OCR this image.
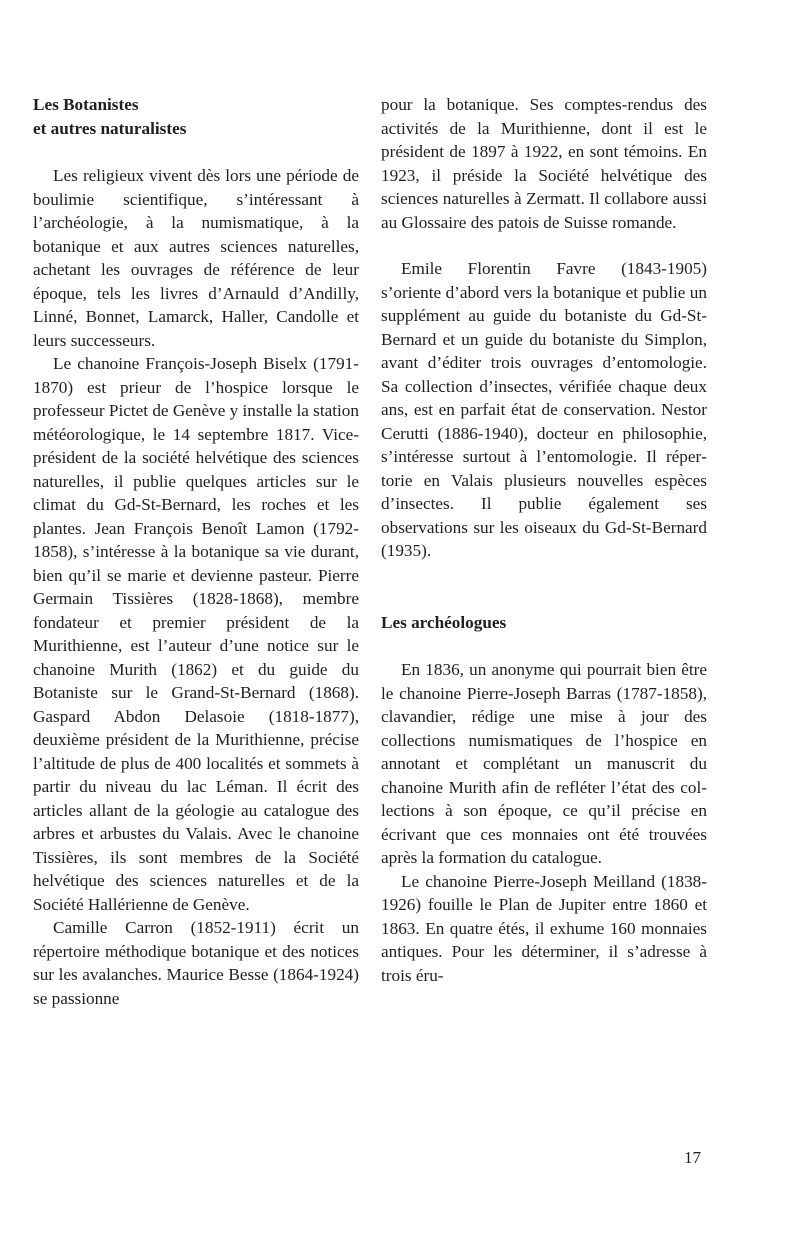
Les Botanistes

et autres naturalistes

Les religieux vivent dès lors une période de boulimie scientifique, s’intéressant à l’archéologie, à la numismatique, à la botanique et aux autres sciences naturelles, achetant les ouvrages de référence de leur époque, tels les livres d’Arnauld d’Andilly, Linné, Bonnet, Lamarck, Haller, Candolle et leurs successeurs.

Le chanoine François-Joseph Biselx (1791-1870) est prieur de l’hospice lorsque le professeur Pictet de Genève y installe la station météorologique, le 14 septembre 1817. Vice-président de la société helvétique des sciences naturelles, il publie quelques articles sur le climat du Gd-St-Bernard, les roches et les plantes. Jean François Benoît Lamon (1792-1858), s’intéresse à la botanique sa vie durant, bien qu’il se marie et devienne pasteur. Pierre Germain Tissières (1828-1868), membre fondateur et premier président de la Murithienne, est l’auteur d’une notice sur le chanoine Murith (1862) et du guide du Botaniste sur le Grand-St-Bernard (1868). Gaspard Abdon Delasoie (1818-1877), deuxième président de la Murithienne, précise l’altitude de plus de 400 localités et sommets à partir du niveau du lac Léman. Il écrit des articles allant de la géologie au catalogue des arbres et arbustes du Valais. Avec le chanoine Tissières, ils sont membres de la Société helvétique des sciences naturelles et de la Société Hallérienne de Genève.

Camille Carron (1852-1911) écrit un répertoire méthodique botanique et des notices sur les avalanches. Maurice Besse (1864-1924) se passionne

pour la botanique. Ses comptes-rendus des activités de la Murithienne, dont il est le président de 1897 à 1922, en sont témoins. En 1923, il préside la Société helvétique des sciences naturelles à Zermatt. Il collabore aussi au Glossaire des patois de Suisse romande.

Emile Florentin Favre (1843-1905) s’oriente d’abord vers la botanique et publie un supplément au guide du botaniste du Gd-St-Bernard et un guide du botaniste du Simplon, avant d’éditer trois ouvrages d’entomologie. Sa collection d’insectes, vérifiée chaque deux ans, est en parfait état de conservation. Nestor Cerutti (1886-1940), docteur en philosophie, s’intéresse surtout à l’entomologie. Il répertorie en Valais plusieurs nouvelles espèces d’insectes. Il publie également ses observations sur les oiseaux du Gd-St-Bernard (1935).

Les archéologues

En 1836, un anonyme qui pourrait bien être le chanoine Pierre-Joseph Barras (1787-1858), clavandier, rédige une mise à jour des collections numismatiques de l’hospice en annotant et complétant un manuscrit du chanoine Murith afin de refléter l’état des collections à son époque, ce qu’il précise en écrivant que ces monnaies ont été trouvées après la formation du catalogue.

Le chanoine Pierre-Joseph Meilland (1838-1926) fouille le Plan de Jupiter entre 1860 et 1863. En quatre étés, il exhume 160 monnaies antiques. Pour les déterminer, il s’adresse à trois éru-

17
